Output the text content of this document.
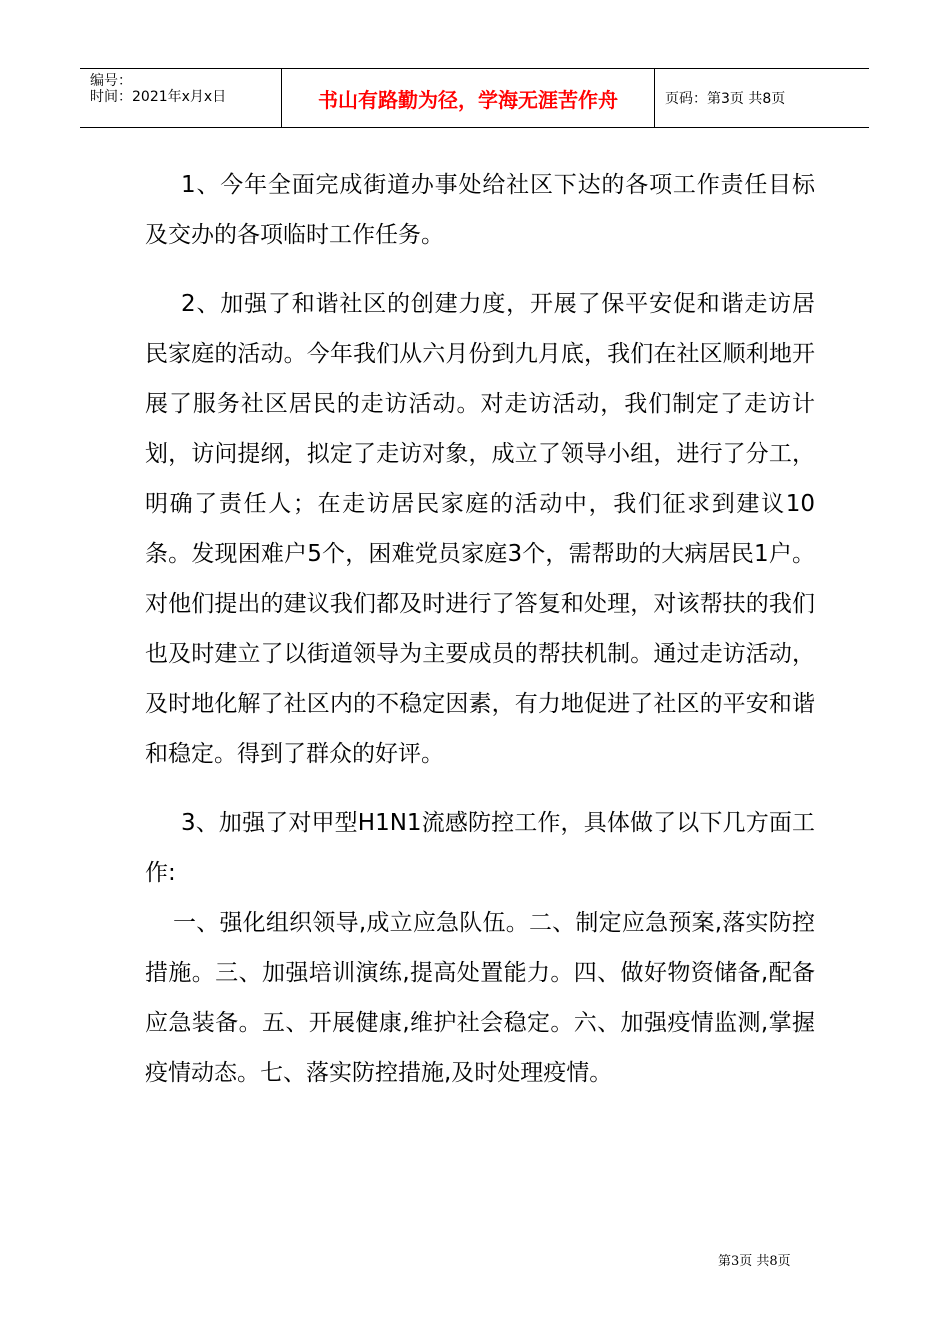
编号：
时间：2021年x月x日	书山有路勤为径，学海无涯苦作舟	页码：第3页 共8页

1、今年全面完成街道办事处给社区下达的各项工作责任目标及交办的各项临时工作任务。

2、加强了和谐社区的创建力度，开展了保平安促和谐走访居民家庭的活动。今年我们从六月份到九月底，我们在社区顺利地开展了服务社区居民的走访活动。对走访活动，我们制定了走访计划，访问提纲，拟定了走访对象，成立了领导小组，进行了分工，明确了责任人；在走访居民家庭的活动中，我们征求到建议10条。发现困难户5个，困难党员家庭3个，需帮助的大病居民1户。对他们提出的建议我们都及时进行了答复和处理，对该帮扶的我们也及时建立了以街道领导为主要成员的帮扶机制。通过走访活动，及时地化解了社区内的不稳定因素，有力地促进了社区的平安和谐和稳定。得到了群众的好评。

3、加强了对甲型H1N1流感防控工作，具体做了以下几方面工作:

一、强化组织领导,成立应急队伍。二、制定应急预案,落实防控措施。三、加强培训演练,提高处置能力。四、做好物资储备,配备应急装备。五、开展健康,维护社会稳定。六、加强疫情监测,掌握疫情动态。七、落实防控措施,及时处理疫情。

第3页 共8页
